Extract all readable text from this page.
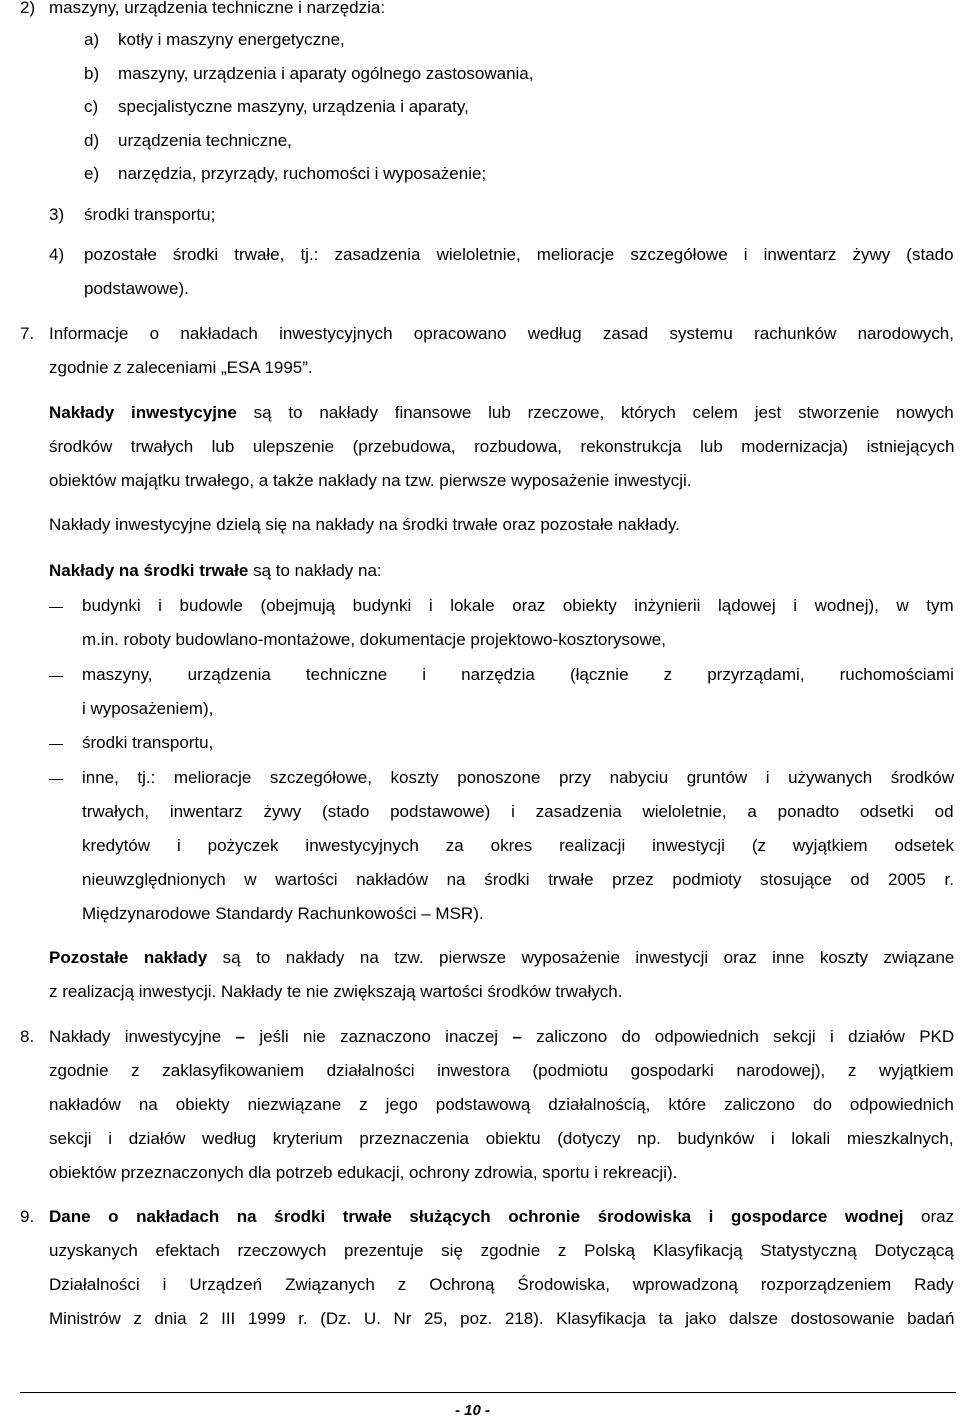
2) maszyny, urządzenia techniczne i narzędzia:
a) kotły i maszyny energetyczne,
b) maszyny, urządzenia i aparaty ogólnego zastosowania,
c) specjalistyczne maszyny, urządzenia i aparaty,
d) urządzenia techniczne,
e) narzędzia, przyrządy, ruchomości i wyposażenie;
3) środki transportu;
4) pozostałe środki trwałe, tj.: zasadzenia wieloletnie, melioracje szczegółowe i inwentarz żywy (stado
podstawowe).
7. Informacje o nakładach inwestycyjnych opracowano według zasad systemu rachunków narodowych,
zgodnie z zaleceniami „ESA 1995”.
Nakłady inwestycyjne są to nakłady finansowe lub rzeczowe, których celem jest stworzenie nowych
środków trwałych lub ulepszenie (przebudowa, rozbudowa, rekonstrukcja lub modernizacja) istniejących
obiektów majątku trwałego, a także nakłady na tzw. pierwsze wyposażenie inwestycji.
Nakłady inwestycyjne dzielą się na nakłady na środki trwałe oraz pozostałe nakłady.
Nakłady na środki trwałe są to nakłady na:
budynki i budowle (obejmują budynki i lokale oraz obiekty inżynierii lądowej i wodnej), w tym
m.in. roboty budowlano-montażowe, dokumentacje projektowo-kosztorysowe,
maszyny, urządzenia techniczne i narzędzia (łącznie z przyrządami, ruchomościami
i wyposażeniem),
środki transportu,
inne, tj.: melioracje szczegółowe, koszty ponoszone przy nabyciu gruntów i używanych środków
trwałych, inwentarz żywy (stado podstawowe) i zasadzenia wieloletnie, a ponadto odsetki od
kredytów i pożyczek inwestycyjnych za okres realizacji inwestycji (z wyjątkiem odsetek
nieuwzględnionych w wartości nakładów na środki trwałe przez podmioty stosujące od 2005 r.
Międzynarodowe Standardy Rachunkowości – MSR).
Pozostałe nakłady są to nakłady na tzw. pierwsze wyposażenie inwestycji oraz inne koszty związane
z realizacją inwestycji. Nakłady te nie zwiększają wartości środków trwałych.
8. Nakłady inwestycyjne – jeśli nie zaznaczono inaczej – zaliczono do odpowiednich sekcji i działów PKD
zgodnie z zaklasyfikowaniem działalności inwestora (podmiotu gospodarki narodowej), z wyjątkiem
nakładów na obiekty niezwiązane z jego podstawową działalnością, które zaliczono do odpowiednich
sekcji i działów według kryterium przeznaczenia obiektu (dotyczy np. budynków i lokali mieszkalnych,
obiektów przeznaczonych dla potrzeb edukacji, ochrony zdrowia, sportu i rekreacji).
9. Dane o nakładach na środki trwałe służących ochronie środowiska i gospodarce wodnej oraz
uzyskanych efektach rzeczowych prezentuje się zgodnie z Polską Klasyfikacją Statystyczną Dotyczącą
Działalności i Urządzeń Związanych z Ochroną Środowiska, wprowadzoną rozporządzeniem Rady
Ministrów z dnia 2 III 1999 r. (Dz. U. Nr 25, poz. 218). Klasyfikacja ta jako dalsze dostosowanie badań
- 10 -
